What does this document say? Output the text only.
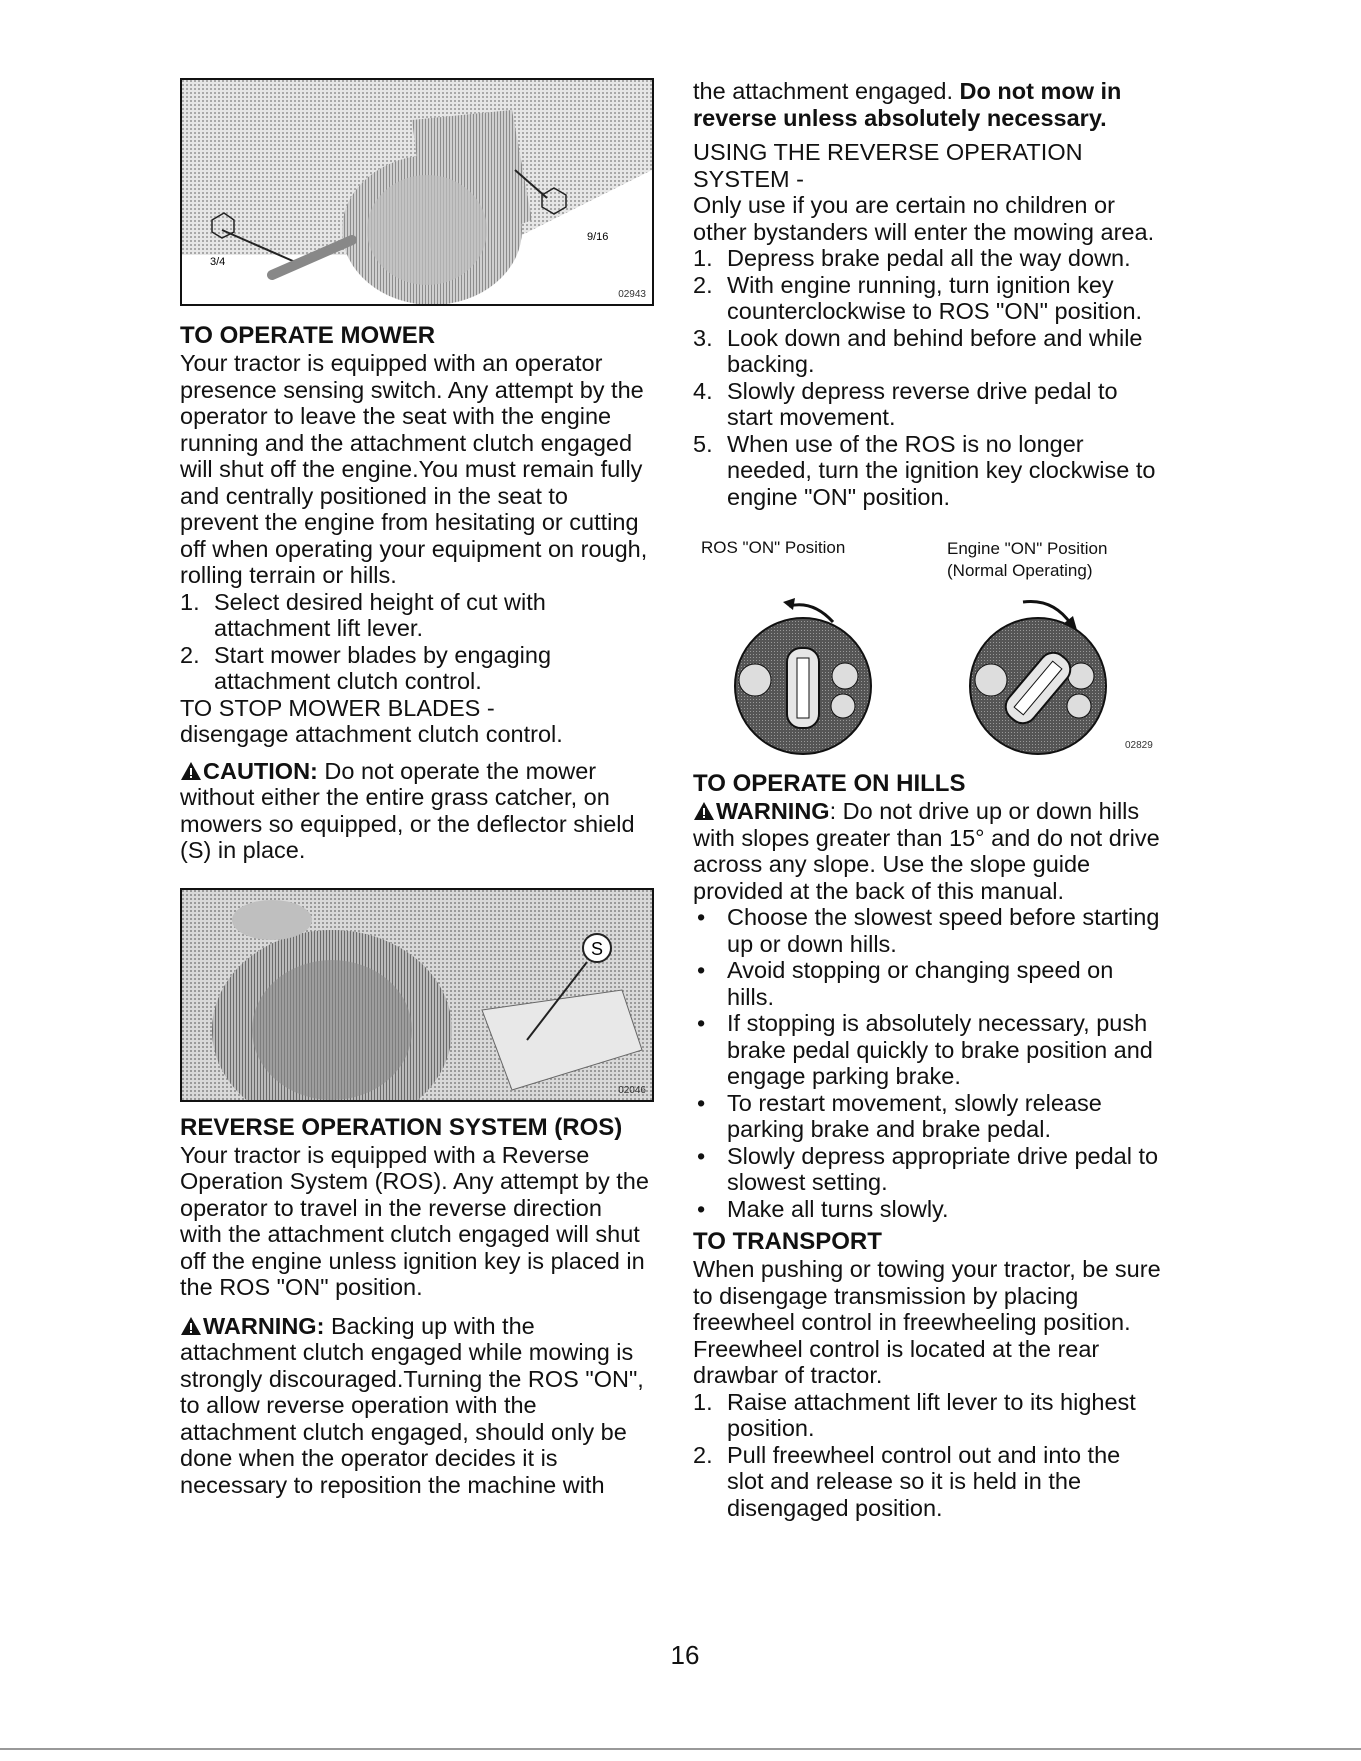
9/16
3/4
02943

TO OPERATE MOWER

Your tractor is equipped with an operator presence sensing switch. Any attempt by the operator to leave the seat with the engine running and the attachment clutch engaged will shut off the engine.You must remain fully and centrally positioned in the seat to prevent the engine from hesitating or cutting off when operating your equipment on rough, rolling terrain or hills.

1. Select desired height of cut with attachment lift lever.
2. Start mower blades by engaging attachment clutch control.

TO STOP MOWER BLADES -

disengage attachment clutch control.

CAUTION: Do not operate the mower without either the entire grass catcher, on mowers so equipped, or the deflector shield (S) in place.

S
02046

REVERSE OPERATION SYSTEM (ROS)

Your tractor is equipped with a Reverse Operation System (ROS). Any attempt by the operator to travel in the reverse direction with the attachment clutch engaged will shut off the engine unless ignition key is placed in the ROS "ON" position.

WARNING: Backing up with the attachment clutch engaged while mowing is strongly discouraged.Turning the ROS "ON", to allow reverse operation with the attachment clutch engaged, should only be done when the operator decides it is necessary to reposition the machine with

the attachment engaged. Do not mow in reverse unless absolutely necessary.

USING THE REVERSE OPERATION SYSTEM -

Only use if you are certain no children or other bystanders will enter the mowing area.

1. Depress brake pedal all the way down.
2. With engine running, turn ignition key counterclockwise to ROS "ON" position.
3. Look down and behind before and while backing.
4. Slowly depress reverse drive pedal to start movement.
5. When use of the ROS is no longer needed, turn the ignition key clockwise to engine "ON" position.
ROS "ON" Position	Engine "ON" Position
(Normal Operating)
02829

TO OPERATE ON HILLS

WARNING: Do not drive up or down hills with slopes greater than 15° and do not drive across any slope. Use the slope guide provided at the back of this manual.

• Choose the slowest speed before starting up or down hills.
• Avoid stopping or changing speed on hills.
• If stopping is absolutely necessary, push brake pedal quickly to brake position and engage parking brake.
• To restart movement, slowly release parking brake and brake pedal.
• Slowly depress appropriate drive pedal to slowest setting.
• Make all turns slowly.

TO TRANSPORT

When pushing or towing your tractor, be sure to disengage transmission by placing freewheel control in freewheeling position. Freewheel control is located at the rear drawbar of tractor.

1. Raise attachment lift lever to its highest position.
2. Pull freewheel control out and into the slot and release so it is held in the disengaged position.
16
